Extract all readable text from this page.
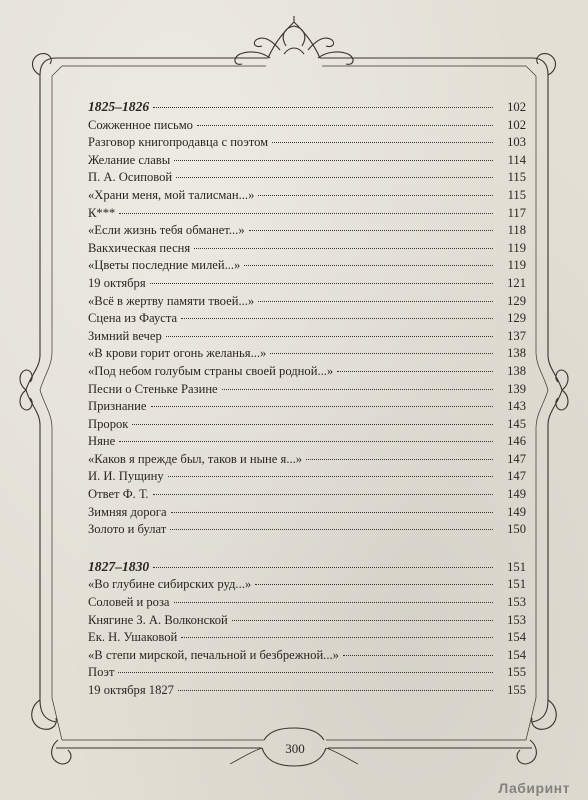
1825–1826	102
Сожженное письмо	102
Разговор книгопродавца с поэтом	103
Желание славы	114
П. А. Осиповой	115
«Храни меня, мой талисман...»	115
К***	117
«Если жизнь тебя обманет...»	118
Вакхическая песня	119
«Цветы последние милей...»	119
19 октября	121
«Всё в жертву памяти твоей...»	129
Сцена из Фауста	129
Зимний вечер	137
«В крови горит огонь желанья...»	138
«Под небом голубым страны своей родной...»	138
Песни о Стеньке Разине	139
Признание	143
Пророк	145
Няне	146
«Каков я прежде был, таков и ныне я...»	147
И. И. Пущину	147
Ответ Ф. Т.	149
Зимняя дорога	149
Золото и булат	150
1827–1830	151
«Во глубине сибирских руд...»	151
Соловей и роза	153
Княгине З. А. Волконской	153
Ек. Н. Ушаковой	154
«В степи мирской, печальной и безбрежной...»	154
Поэт	155
19 октября 1827	155
300
Лабиринт
